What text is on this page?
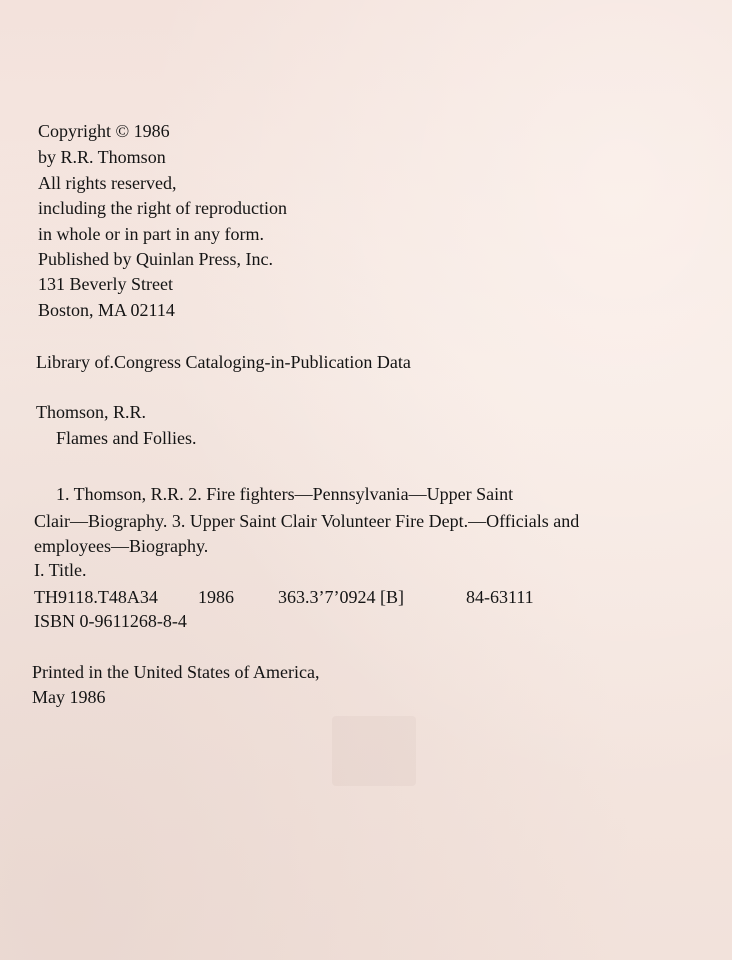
Copyright © 1986
by R.R. Thomson
All rights reserved,
including the right of reproduction
in whole or in part in any form.
Published by Quinlan Press, Inc.
131 Beverly Street
Boston, MA 02114
Library of.Congress Cataloging-in-Publication Data
Thomson, R.R.
Flames and Follies.
1. Thomson, R.R. 2. Fire fighters—Pennsylvania—Upper Saint
Clair—Biography. 3. Upper Saint Clair Volunteer Fire Dept.—Officials and
employees—Biography.
I. Title.
TH9118.T48A34 1986 363.3’7’0924 [B]	84-63111
ISBN 0-9611268-8-4
Printed in the United States of America,
May 1986
